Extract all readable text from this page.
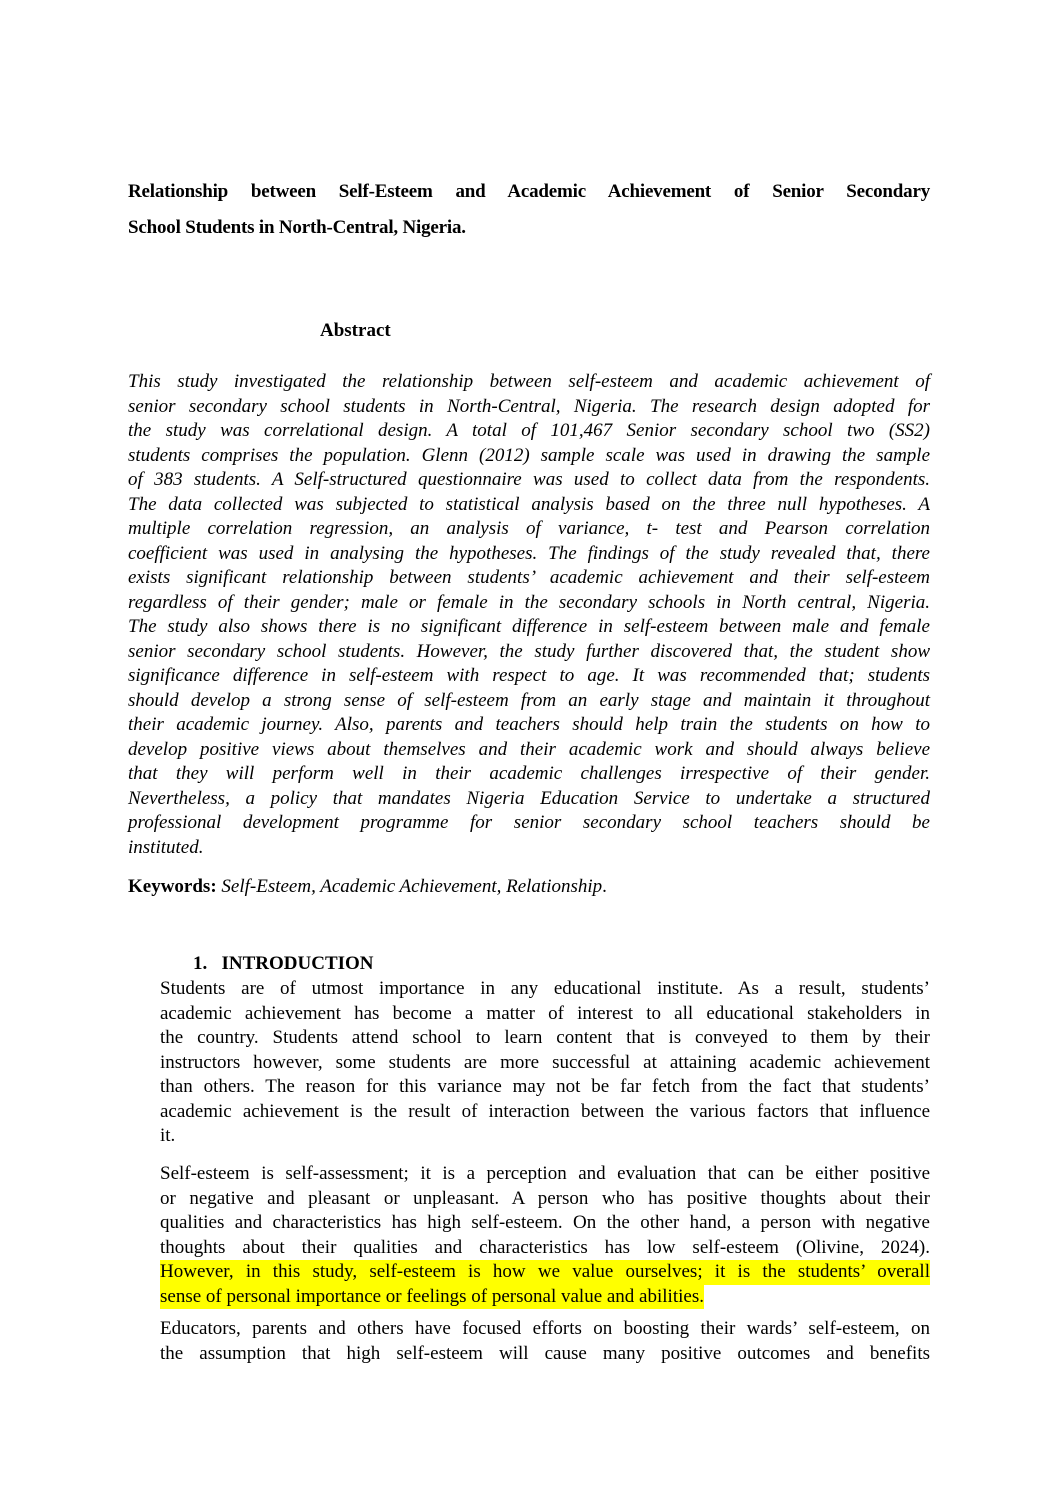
Relationship between Self-Esteem and Academic Achievement of Senior Secondary
School Students in North-Central, Nigeria.
Abstract
This study investigated the relationship between self-esteem and academic achievement of
senior secondary school students in North-Central, Nigeria. The research design adopted for
the study was correlational design. A total of 101,467 Senior secondary school two (SS2)
students comprises the population. Glenn (2012) sample scale was used in drawing the sample
of 383 students. A Self-structured questionnaire was used to collect data from the respondents.
The data collected was subjected to statistical analysis based on the three null hypotheses. A
multiple correlation regression, an analysis of variance, t- test and Pearson correlation
coefficient was used in analysing the hypotheses. The findings of the study revealed that, there
exists significant relationship between students’ academic achievement and their self-esteem
regardless of their gender; male or female in the secondary schools in North central, Nigeria.
The study also shows there is no significant difference in self-esteem between male and female
senior secondary school students. However, the study further discovered that, the student show
significance difference in self-esteem with respect to age. It was recommended that; students
should develop a strong sense of self-esteem from an early stage and maintain it throughout
their academic journey. Also, parents and teachers should help train the students on how to
develop positive views about themselves and their academic work and should always believe
that they will perform well in their academic challenges irrespective of their gender.
Nevertheless, a policy that mandates Nigeria Education Service to undertake a structured
professional development programme for senior secondary school teachers should be
instituted.
Keywords: Self-Esteem, Academic Achievement, Relationship.
1.   INTRODUCTION
Students are of utmost importance in any educational institute. As a result, students’
academic achievement has become a matter of interest to all educational stakeholders in
the country. Students attend school to learn content that is conveyed to them by their
instructors however, some students are more successful at attaining academic achievement
than others. The reason for this variance may not be far fetch from the fact that students’
academic achievement is the result of interaction between the various factors that influence
it.
Self-esteem is self-assessment; it is a perception and evaluation that can be either positive
or negative and pleasant or unpleasant. A person who has positive thoughts about their
qualities and characteristics has high self-esteem. On the other hand, a person with negative
thoughts about their qualities and characteristics has low self-esteem (Olivine, 2024).
However, in this study, self-esteem is how we value ourselves; it is the students’ overall
sense of personal importance or feelings of personal value and abilities.
Educators, parents and others have focused efforts on boosting their wards’ self-esteem, on
the assumption that high self-esteem will cause many positive outcomes and benefits
